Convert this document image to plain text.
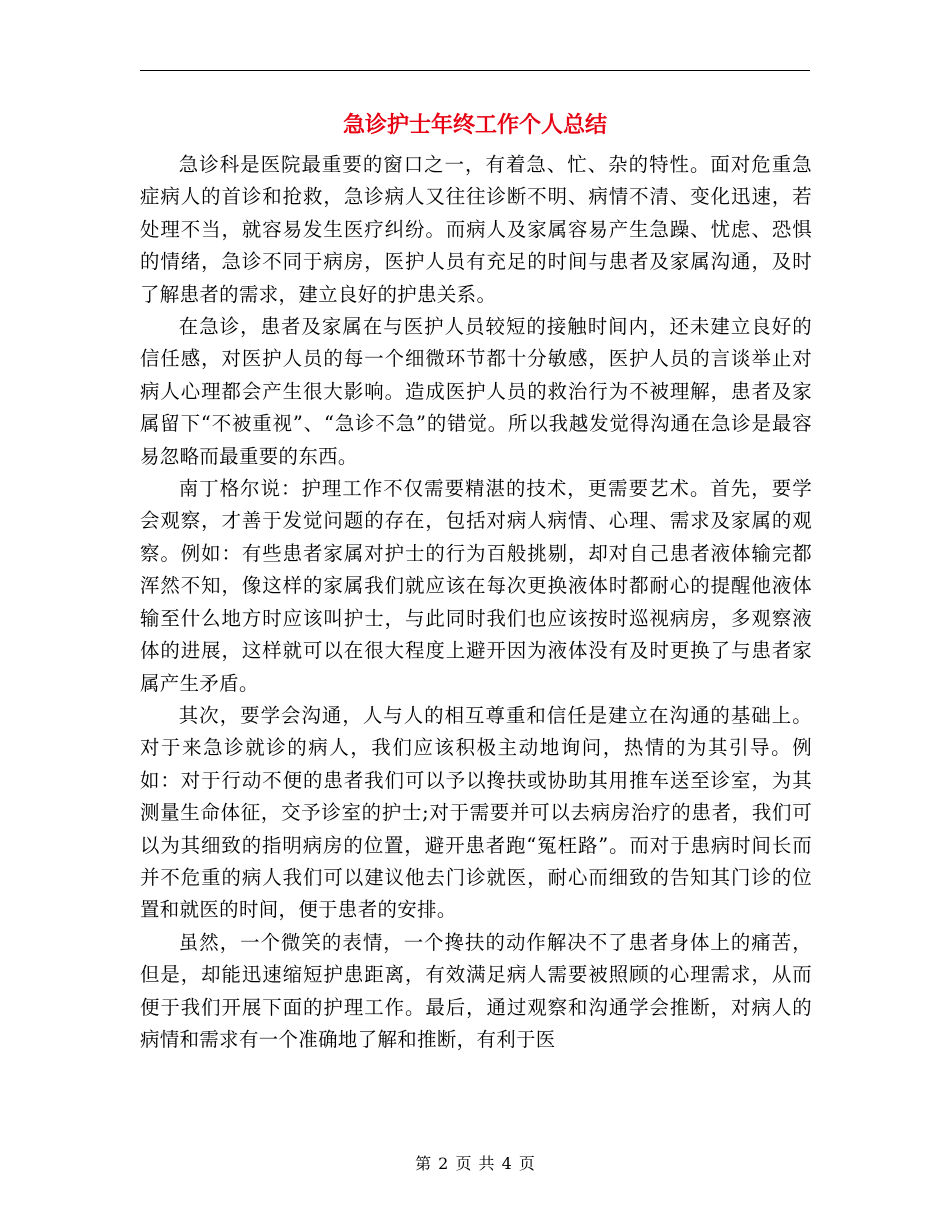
急诊护士年终工作个人总结

急诊科是医院最重要的窗口之一，有着急、忙、杂的特性。面对危重急症病人的首诊和抢救，急诊病人又往往诊断不明、病情不清、变化迅速，若处理不当，就容易发生医疗纠纷。而病人及家属容易产生急躁、忧虑、恐惧的情绪，急诊不同于病房，医护人员有充足的时间与患者及家属沟通，及时了解患者的需求，建立良好的护患关系。

在急诊，患者及家属在与医护人员较短的接触时间内，还未建立良好的信任感，对医护人员的每一个细微环节都十分敏感，医护人员的言谈举止对病人心理都会产生很大影响。造成医护人员的救治行为不被理解，患者及家属留下“不被重视”、“急诊不急”的错觉。所以我越发觉得沟通在急诊是最容易忽略而最重要的东西。

南丁格尔说：护理工作不仅需要精湛的技术，更需要艺术。首先，要学会观察，才善于发觉问题的存在，包括对病人病情、心理、需求及家属的观察。例如：有些患者家属对护士的行为百般挑剔，却对自己患者液体输完都浑然不知，像这样的家属我们就应该在每次更换液体时都耐心的提醒他液体输至什么地方时应该叫护士，与此同时我们也应该按时巡视病房，多观察液体的进展，这样就可以在很大程度上避开因为液体没有及时更换了与患者家属产生矛盾。

其次，要学会沟通，人与人的相互尊重和信任是建立在沟通的基础上。对于来急诊就诊的病人，我们应该积极主动地询问，热情的为其引导。例如：对于行动不便的患者我们可以予以搀扶或协助其用推车送至诊室，为其测量生命体征，交予诊室的护士;对于需要并可以去病房治疗的患者，我们可以为其细致的指明病房的位置，避开患者跑“冤枉路”。而对于患病时间长而并不危重的病人我们可以建议他去门诊就医，耐心而细致的告知其门诊的位置和就医的时间，便于患者的安排。

虽然，一个微笑的表情，一个搀扶的动作解决不了患者身体上的痛苦，但是，却能迅速缩短护患距离，有效满足病人需要被照顾的心理需求，从而便于我们开展下面的护理工作。最后，通过观察和沟通学会推断，对病人的病情和需求有一个准确地了解和推断，有利于医

第 2 页 共 4 页
